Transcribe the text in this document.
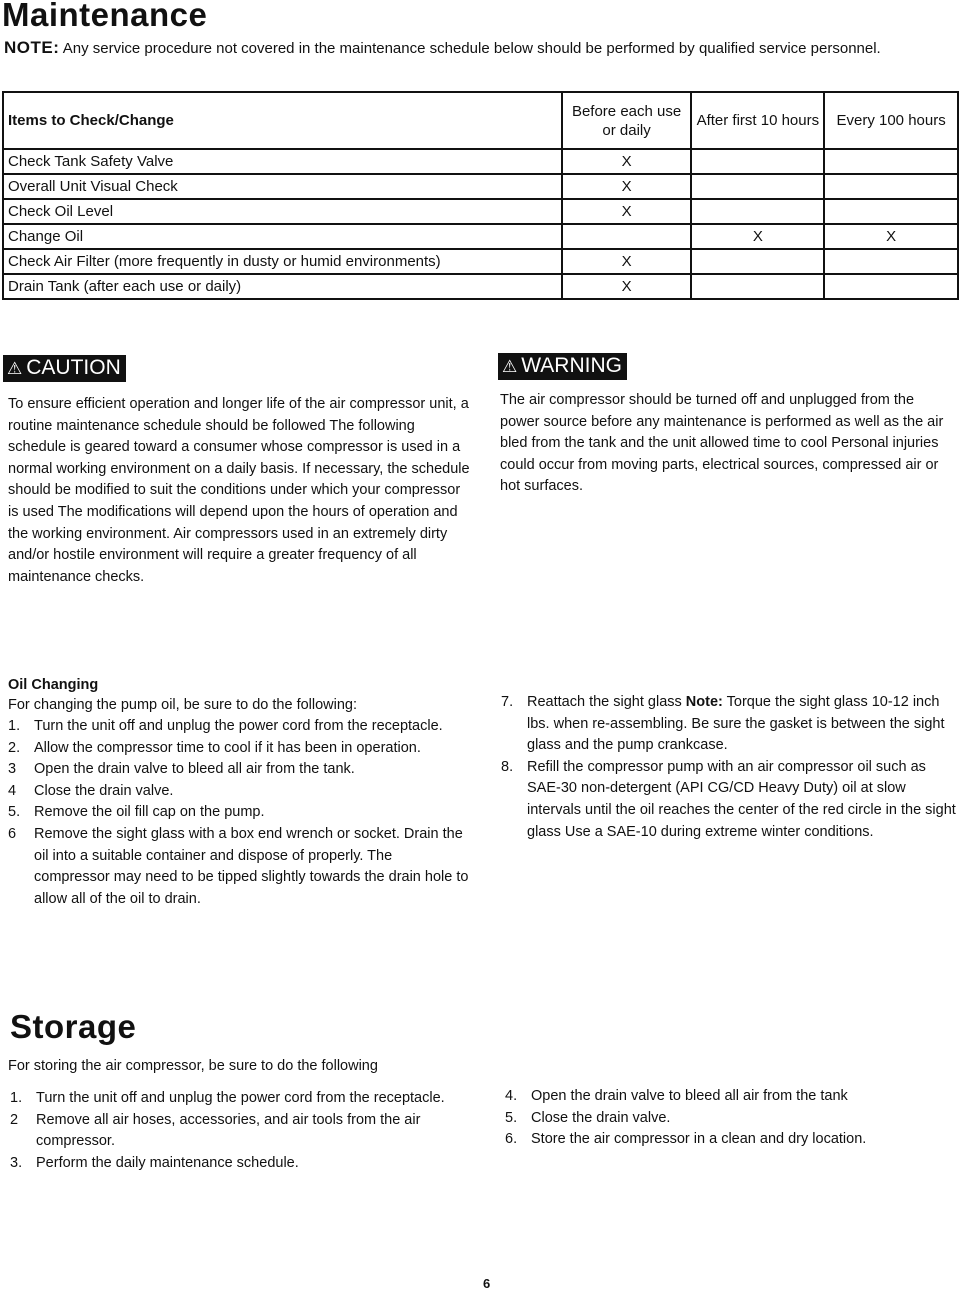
Maintenance
NOTE: Any service procedure not covered in the maintenance schedule below should be performed by qualified service personnel.
Items to Check/Change	Before each use or daily	After first 10 hours	Every 100 hours
Check Tank Safety Valve	X		
Overall Unit Visual Check	X		
Check Oil Level	X		
Change Oil		X	X
Check Air Filter (more frequently in dusty or humid environments)	X		
Drain Tank (after each use or daily)	X		
⚠ CAUTION
To ensure efficient operation and longer life of the air compressor unit, a routine maintenance schedule should be followed The following schedule is geared toward a consumer whose compressor is used in a normal working environment on a daily basis. If necessary, the schedule should be modified to suit the conditions under which your compressor is used The modifications will depend upon the hours of operation and the working environment. Air compressors used in an extremely dirty and/or hostile environment will require a greater frequency of all maintenance checks.
⚠ WARNING
The air compressor should be turned off and unplugged from the power source before any maintenance is performed as well as the air bled from the tank and the unit allowed time to cool Personal injuries could occur from moving parts, electrical sources, compressed air or hot surfaces.
Oil Changing
For changing the pump oil, be sure to do the following:
1. Turn the unit off and unplug the power cord from the receptacle.
2. Allow the compressor time to cool if it has been in operation.
3 Open the drain valve to bleed all air from the tank.
4 Close the drain valve.
5. Remove the oil fill cap on the pump.
6 Remove the sight glass with a box end wrench or socket. Drain the oil into a suitable container and dispose of properly. The compressor may need to be tipped slightly towards the drain hole to allow all of the oil to drain.
7. Reattach the sight glass Note: Torque the sight glass 10-12 inch lbs. when re-assembling. Be sure the gasket is between the sight glass and the pump crankcase.
8. Refill the compressor pump with an air compressor oil such as SAE-30 non-detergent (API CG/CD Heavy Duty) oil at slow intervals until the oil reaches the center of the red circle in the sight glass Use a SAE-10 during extreme winter conditions.
Storage
For storing the air compressor, be sure to do the following
1. Turn the unit off and unplug the power cord from the receptacle.
2 Remove all air hoses, accessories, and air tools from the air compressor.
3. Perform the daily maintenance schedule.
4. Open the drain valve to bleed all air from the tank
5. Close the drain valve.
6. Store the air compressor in a clean and dry location.
6
